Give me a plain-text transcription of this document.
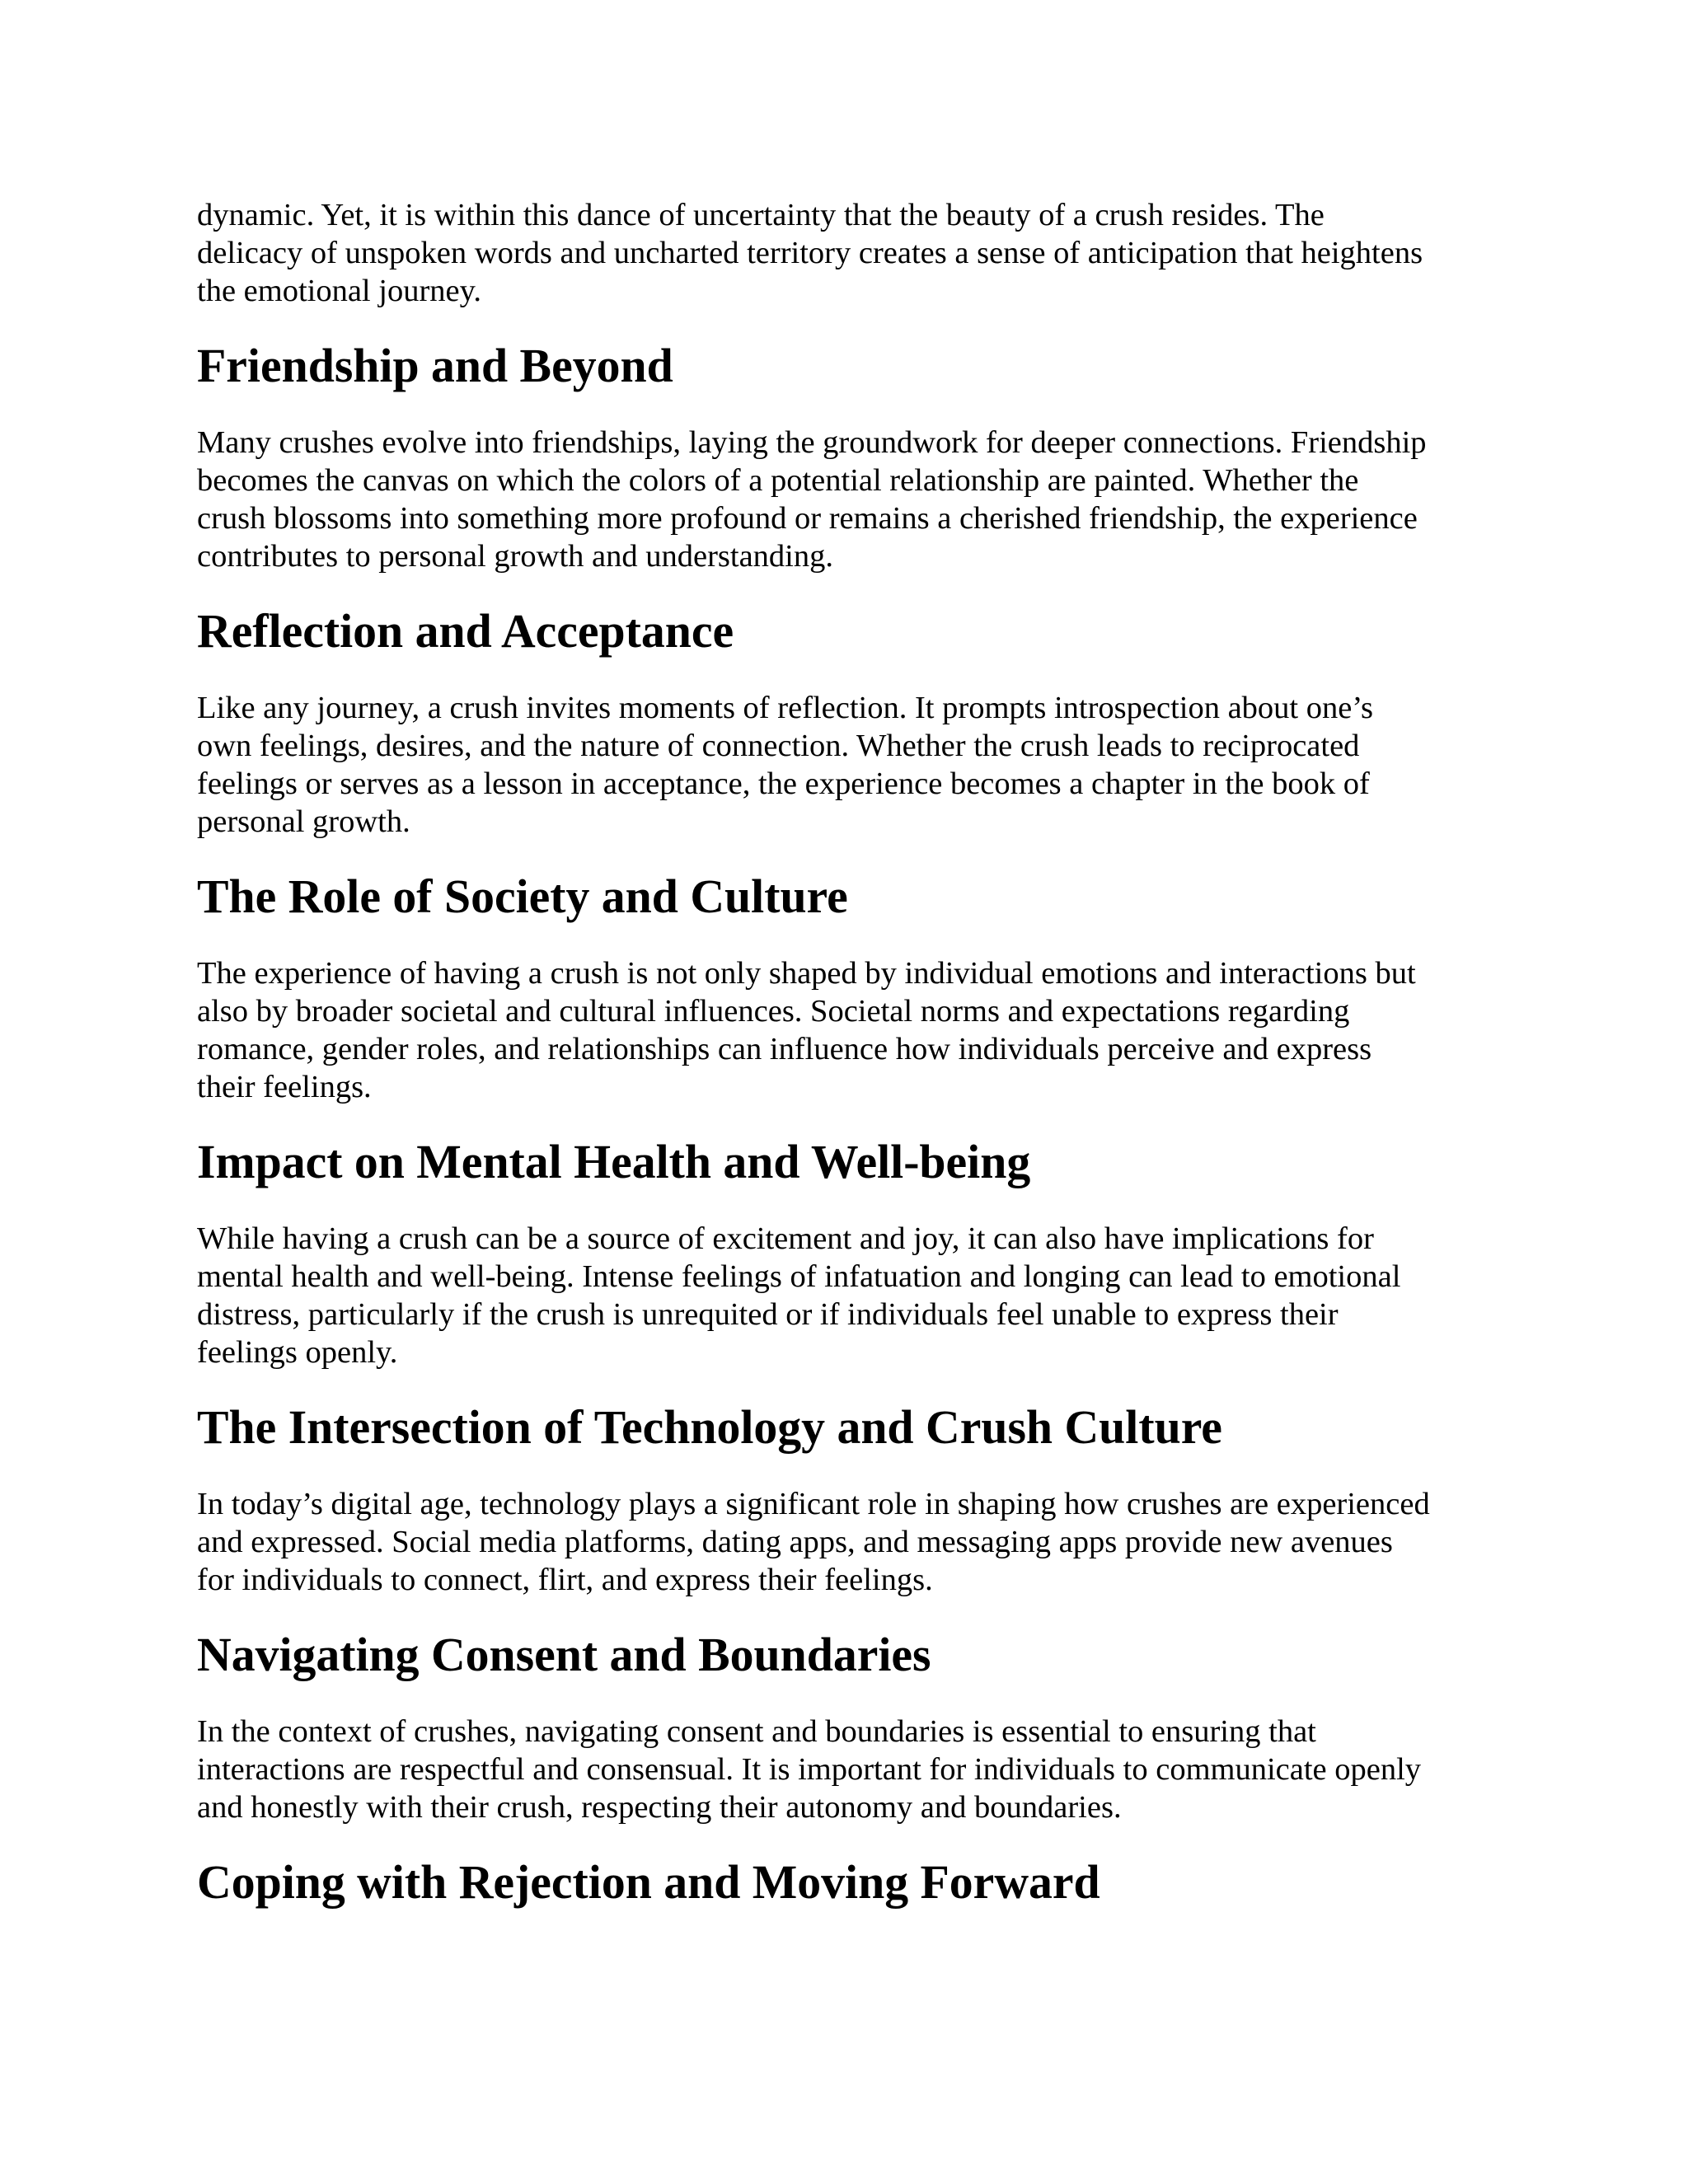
dynamic. Yet, it is within this dance of uncertainty that the beauty of a crush resides. The
delicacy of unspoken words and uncharted territory creates a sense of anticipation that heightens
the emotional journey.

Friendship and Beyond

Many crushes evolve into friendships, laying the groundwork for deeper connections. Friendship
becomes the canvas on which the colors of a potential relationship are painted. Whether the
crush blossoms into something more profound or remains a cherished friendship, the experience
contributes to personal growth and understanding.

Reflection and Acceptance

Like any journey, a crush invites moments of reflection. It prompts introspection about one’s
own feelings, desires, and the nature of connection. Whether the crush leads to reciprocated
feelings or serves as a lesson in acceptance, the experience becomes a chapter in the book of
personal growth.

The Role of Society and Culture

The experience of having a crush is not only shaped by individual emotions and interactions but
also by broader societal and cultural influences. Societal norms and expectations regarding
romance, gender roles, and relationships can influence how individuals perceive and express
their feelings.

Impact on Mental Health and Well-being

While having a crush can be a source of excitement and joy, it can also have implications for
mental health and well-being. Intense feelings of infatuation and longing can lead to emotional
distress, particularly if the crush is unrequited or if individuals feel unable to express their
feelings openly.

The Intersection of Technology and Crush Culture

In today’s digital age, technology plays a significant role in shaping how crushes are experienced
and expressed. Social media platforms, dating apps, and messaging apps provide new avenues
for individuals to connect, flirt, and express their feelings.

Navigating Consent and Boundaries

In the context of crushes, navigating consent and boundaries is essential to ensuring that
interactions are respectful and consensual. It is important for individuals to communicate openly
and honestly with their crush, respecting their autonomy and boundaries.

Coping with Rejection and Moving Forward
